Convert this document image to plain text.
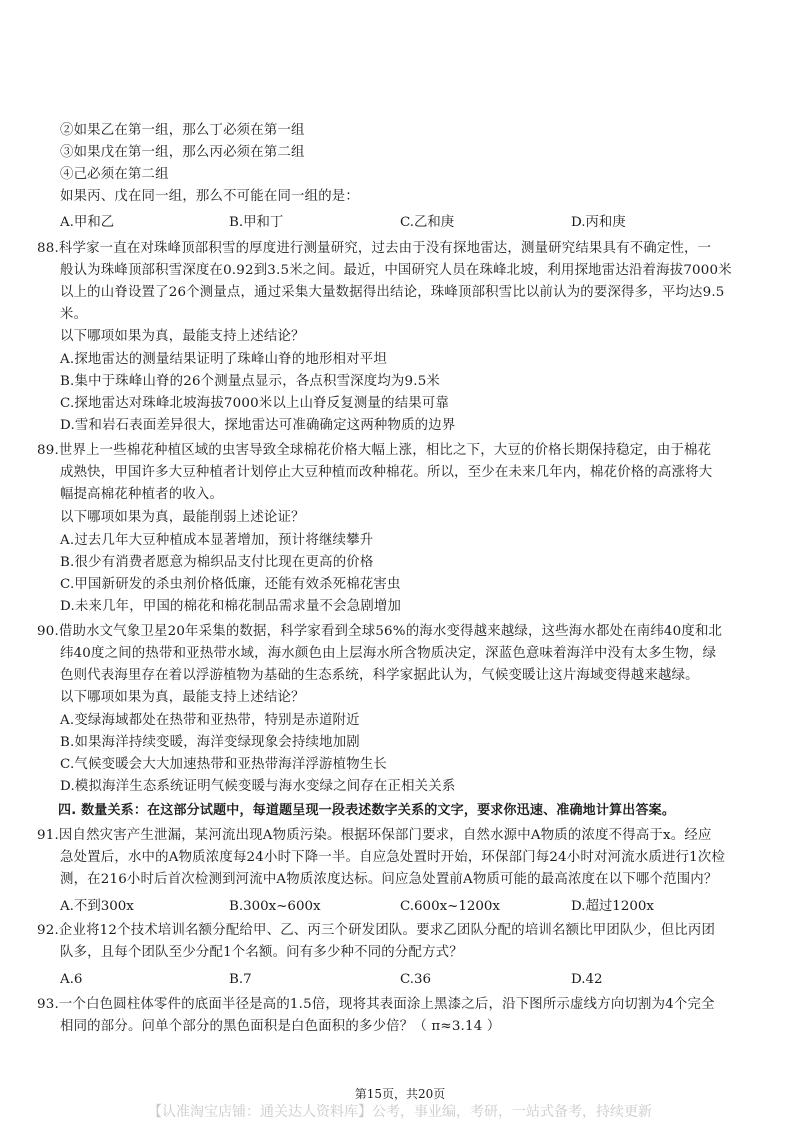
②如果乙在第一组，那么丁必须在第一组
③如果戊在第一组，那么丙必须在第二组
④己必须在第二组
如果丙、戊在同一组，那么不可能在同一组的是：
A.甲和乙	B.甲和丁	C.乙和庚	D.丙和庚
88.科学家一直在对珠峰顶部积雪的厚度进行测量研究，过去由于没有探地雷达，测量研究结果具有不确定性，一
般认为珠峰顶部积雪深度在0.92到3.5米之间。最近，中国研究人员在珠峰北坡，利用探地雷达沿着海拔7000米
以上的山脊设置了26个测量点，通过采集大量数据得出结论，珠峰顶部积雪比以前认为的要深得多，平均达9.5
米。
以下哪项如果为真，最能支持上述结论？
A.探地雷达的测量结果证明了珠峰山脊的地形相对平坦
B.集中于珠峰山脊的26个测量点显示，各点积雪深度均为9.5米
C.探地雷达对珠峰北坡海拔7000米以上山脊反复测量的结果可靠
D.雪和岩石表面差异很大，探地雷达可准确确定这两种物质的边界
89.世界上一些棉花种植区域的虫害导致全球棉花价格大幅上涨，相比之下，大豆的价格长期保持稳定，由于棉花
成熟快，甲国许多大豆种植者计划停止大豆种植而改种棉花。所以，至少在未来几年内，棉花价格的高涨将大
幅提高棉花种植者的收入。
以下哪项如果为真，最能削弱上述论证？
A.过去几年大豆种植成本显著增加，预计将继续攀升
B.很少有消费者愿意为棉织品支付比现在更高的价格
C.甲国新研发的杀虫剂价格低廉，还能有效杀死棉花害虫
D.未来几年，甲国的棉花和棉花制品需求量不会急剧增加
90.借助水文气象卫星20年采集的数据，科学家看到全球56%的海水变得越来越绿，这些海水都处在南纬40度和北
纬40度之间的热带和亚热带水域，海水颜色由上层海水所含物质决定，深蓝色意味着海洋中没有太多生物，绿
色则代表海里存在着以浮游植物为基础的生态系统，科学家据此认为，气候变暖让这片海域变得越来越绿。
以下哪项如果为真，最能支持上述结论？
A.变绿海域都处在热带和亚热带，特别是赤道附近
B.如果海洋持续变暖，海洋变绿现象会持续地加剧
C.气候变暖会大大加速热带和亚热带海洋浮游植物生长
D.模拟海洋生态系统证明气候变暖与海水变绿之间存在正相关关系
四. 数量关系：在这部分试题中，每道题呈现一段表述数字关系的文字，要求你迅速、准确地计算出答案。
91.因自然灾害产生泄漏，某河流出现A物质污染。根据环保部门要求，自然水源中A物质的浓度不得高于x。经应
急处置后，水中的A物质浓度每24小时下降一半。自应急处置时开始，环保部门每24小时对河流水质进行1次检
测，在216小时后首次检测到河流中A物质浓度达标。问应急处置前A物质可能的最高浓度在以下哪个范围内？
A.不到300x	B.300x~600x	C.600x~1200x	D.超过1200x
92.企业将12个技术培训名额分配给甲、乙、丙三个研发团队。要求乙团队分配的培训名额比甲团队少，但比丙团
队多，且每个团队至少分配1个名额。问有多少种不同的分配方式？
A.6	B.7	C.36	D.42
93.一个白色圆柱体零件的底面半径是高的1.5倍，现将其表面涂上黑漆之后，沿下图所示虚线方向切割为4个完全
相同的部分。问单个部分的黑色面积是白色面积的多少倍？（ π≈3.14 ）
第15页，共20页
【认准淘宝店铺：通关达人资料库】公考，事业编，考研，一站式备考，持续更新
